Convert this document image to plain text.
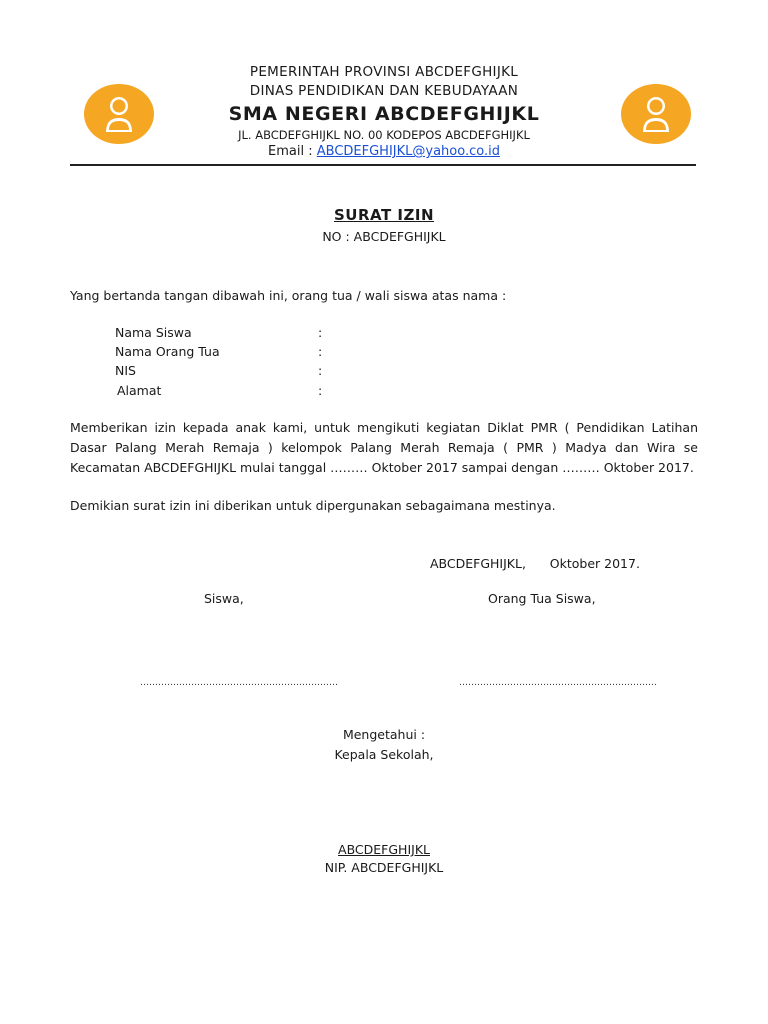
PEMERINTAH PROVINSI ABCDEFGHIJKL
DINAS PENDIDIKAN DAN KEBUDAYAAN
SMA NEGERI ABCDEFGHIJKL
JL. ABCDEFGHIJKL NO. 00 KODEPOS ABCDEFGHIJKL
Email : ABCDEFGHIJKL@yahoo.co.id
SURAT IZIN
NO : ABCDEFGHIJKL
Yang bertanda tangan dibawah ini, orang tua / wali siswa atas nama :
Nama Siswa	:
Nama Orang Tua	:
NIS	:
Alamat	:
Memberikan izin kepada anak kami, untuk mengikuti kegiatan Diklat PMR ( Pendidikan Latihan Dasar Palang Merah Remaja ) kelompok Palang Merah Remaja ( PMR ) Madya dan Wira se Kecamatan ABCDEFGHIJKL mulai tanggal ……… Oktober 2017 sampai dengan ……… Oktober 2017.
Demikian surat izin ini diberikan untuk dipergunakan sebagaimana mestinya.
ABCDEFGHIJKL,      Oktober 2017.
Siswa,	Orang Tua Siswa,
…………………………………………………………	…………………………………………………………
Mengetahui :
Kepala Sekolah,
ABCDEFGHIJKL
NIP. ABCDEFGHIJKL
